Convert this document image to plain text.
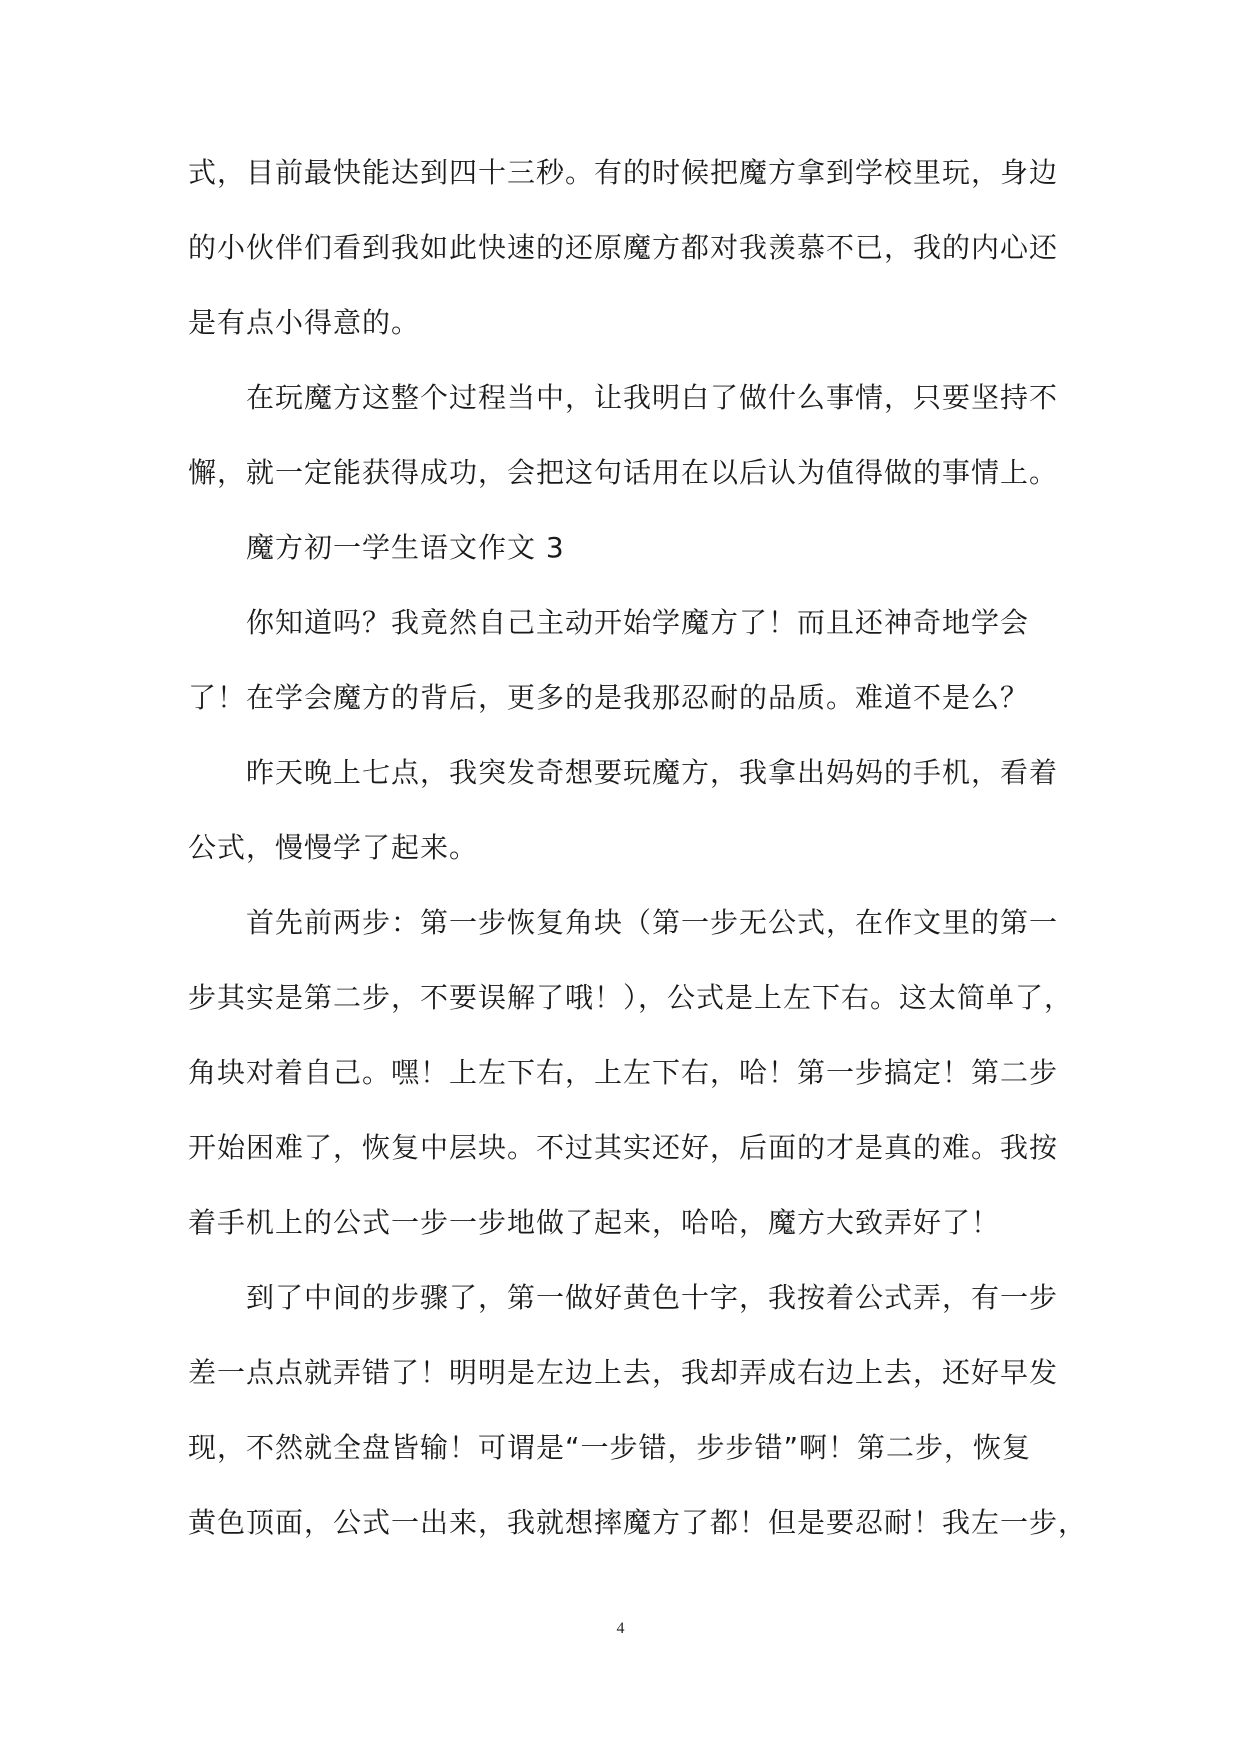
式，目前最快能达到四十三秒。有的时候把魔方拿到学校里玩，身边
的小伙伴们看到我如此快速的还原魔方都对我羡慕不已，我的内心还
是有点小得意的。
在玩魔方这整个过程当中，让我明白了做什么事情，只要坚持不
懈，就一定能获得成功，会把这句话用在以后认为值得做的事情上。
魔方初一学生语文作文 3
你知道吗？我竟然自己主动开始学魔方了！而且还神奇地学会
了！在学会魔方的背后，更多的是我那忍耐的品质。难道不是么？
昨天晚上七点，我突发奇想要玩魔方，我拿出妈妈的手机，看着
公式，慢慢学了起来。
首先前两步：第一步恢复角块（第一步无公式，在作文里的第一
步其实是第二步，不要误解了哦！），公式是上左下右。这太简单了，
角块对着自己。嘿！上左下右，上左下右，哈！第一步搞定！第二步
开始困难了，恢复中层块。不过其实还好，后面的才是真的难。我按
着手机上的公式一步一步地做了起来，哈哈，魔方大致弄好了！
到了中间的步骤了，第一做好黄色十字，我按着公式弄，有一步
差一点点就弄错了！明明是左边上去，我却弄成右边上去，还好早发
现，不然就全盘皆输！可谓是“一步错，步步错”啊！第二步，恢复
黄色顶面，公式一出来，我就想摔魔方了都！但是要忍耐！我左一步，
4
